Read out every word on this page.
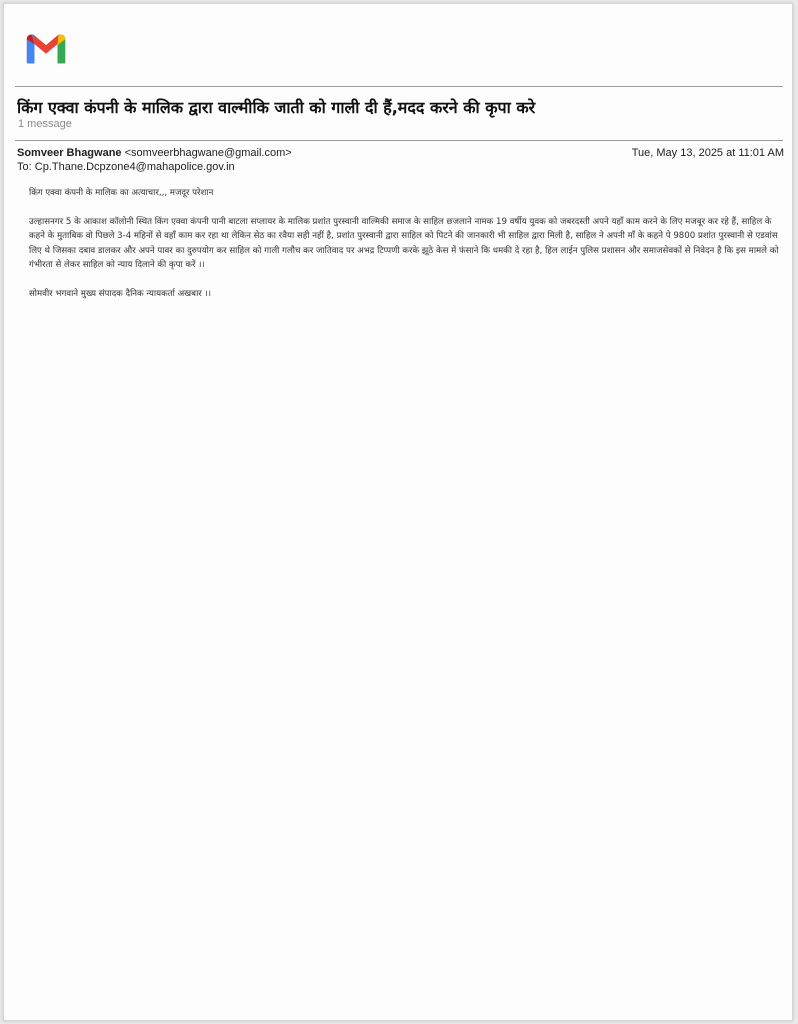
किंग एक्वा कंपनी के मालिक द्वारा वाल्मीकि जाती को गाली दी हैं,मदद करने की कृपा करे
1 message
Somveer Bhagwane <somveerbhagwane@gmail.com>	Tue, May 13, 2025 at 11:01 AM
To: Cp.Thane.Dcpzone4@mahapolice.gov.in

किंग एक्वा कंपनी के मालिक का अत्याचार,,, मजदूर परेशान

उल्हासनगर 5 के आकाश कॉलोनी स्थित किंग एक्वा कंपनी पानी बाटला सप्लायर के मालिक प्रशांत पुरस्वानी वाल्मिकी समाज के साहिल छजलाने नामक 19 वर्षीय युवक को जबरदस्ती अपने यहाँ काम करने के लिए मजबूर कर रहे हैं, साहिल के कहने के मुताबिक वो पिछले 3-4 महिनों से वहाँ काम कर रहा था लेकिन सेठ का रवैया सही नहीं है, प्रशांत पुरस्वानी द्वारा साहिल को पिटने की जानकारी भी साहिल द्वारा मिली है, साहिल ने अपनी माँ के कहने पे 9800 प्रशांत पुरस्वानी से एडवांस लिए थे जिसका दबाव डालकर और अपने पावर का दुरुपयोग कर साहिल को गाली गलौच कर जातिवाद पर अभद्र टिप्पणी करके झूठे केस में फंसाने कि धमकी दे रहा है, हिल लाईन पुलिस प्रशासन और समाजसेवकों से निवेदन है कि इस मामले को गंभीरता से लेकर साहिल को न्याय दिलाने की कृपा करें ।।

सोमवीर भगवाने मुख्य संपादक दैनिक न्यायकर्ता अखबार ।।
